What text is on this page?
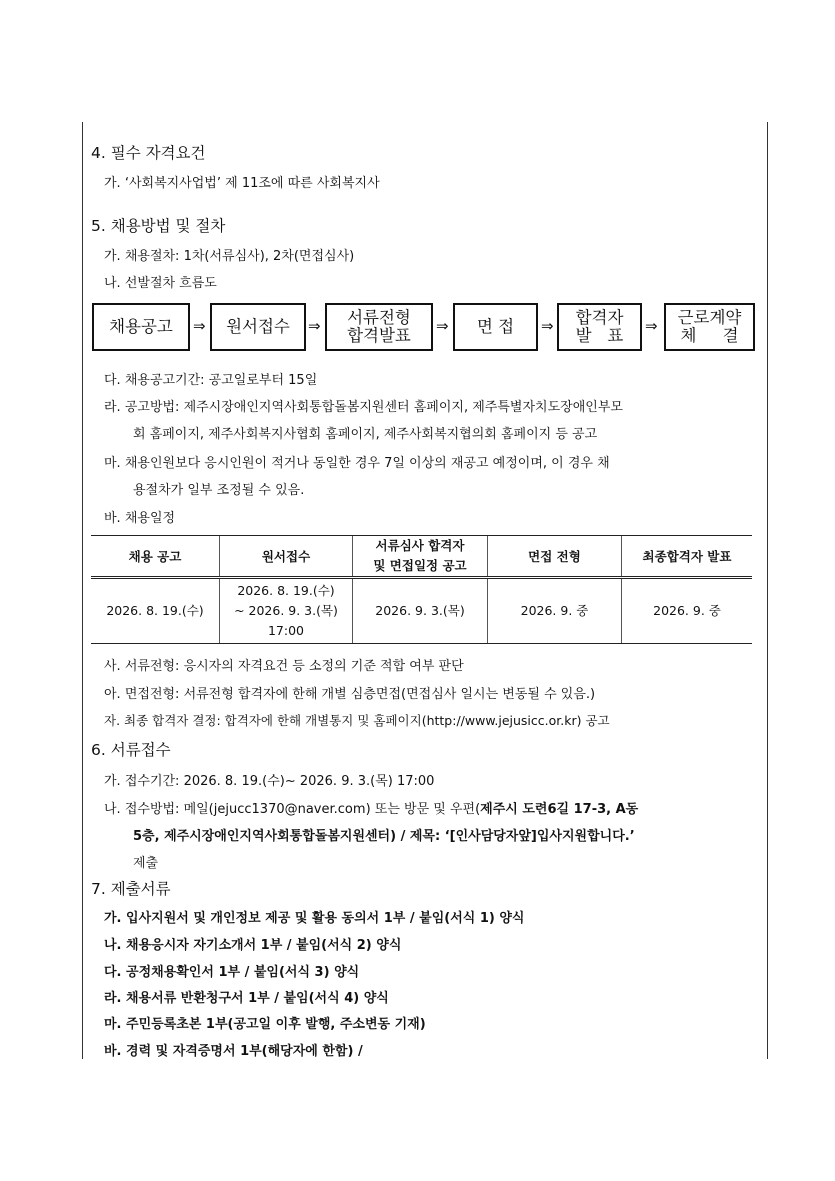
4. 필수 자격요건
가. ‘사회복지사업법’ 제 11조에 따른 사회복지사
5. 채용방법 및 절차
가. 채용절차: 1차(서류심사), 2차(면접심사)
나. 선발절차 흐름도
채용공고 ⇒ 원서접수 ⇒ 서류전형
합격발표 ⇒ 면 접 ⇒ 합격자
발   표 ⇒ 근로계약
체     결
다. 채용공고기간: 공고일로부터 15일
라. 공고방법: 제주시장애인지역사회통합돌봄지원센터 홈페이지, 제주특별자치도장애인부모
회 홈페이지, 제주사회복지사협회 홈페이지, 제주사회복지협의회 홈페이지 등 공고
마. 채용인원보다 응시인원이 적거나 동일한 경우 7일 이상의 재공고 예정이며, 이 경우 채
용절차가 일부 조정될 수 있음.
바. 채용일정
채용 공고	원서접수	서류심사 합격자
및 면접일정 공고	면접 전형	최종합격자 발표
2026. 8. 19.(수)	2026. 8. 19.(수)
~ 2026. 9. 3.(목)
17:00	2026. 9. 3.(목)	2026. 9. 중	2026. 9. 중
사. 서류전형: 응시자의 자격요건 등 소정의 기준 적합 여부 판단
아. 면접전형: 서류전형 합격자에 한해 개별 심층면접(면접심사 일시는 변동될 수 있음.)
자. 최종 합격자 결정: 합격자에 한해 개별통지 및 홈페이지(http://www.jejusicc.or.kr) 공고
6. 서류접수
가. 접수기간: 2026. 8. 19.(수)~ 2026. 9. 3.(목) 17:00
나. 접수방법: 메일(jejucc1370@naver.com) 또는 방문 및 우편(제주시 도련6길 17-3, A동
5층, 제주시장애인지역사회통합돌봄지원센터) / 제목: ‘[인사담당자앞]입사지원합니다.’
제출
7. 제출서류
가. 입사지원서 및 개인정보 제공 및 활용 동의서 1부 / 붙임(서식 1) 양식
나. 채용응시자 자기소개서 1부 / 붙임(서식 2) 양식
다. 공정채용확인서 1부 / 붙임(서식 3) 양식
라. 채용서류 반환청구서 1부 / 붙임(서식 4) 양식
마. 주민등록초본 1부(공고일 이후 발행, 주소변동 기재)
바. 경력 및 자격증명서 1부(해당자에 한함) /
